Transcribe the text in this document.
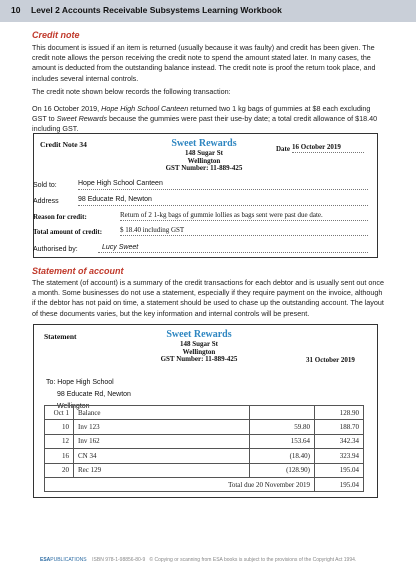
10 Level 2 Accounts Receivable Subsystems Learning Workbook
Credit note

This document is issued if an item is returned (usually because it was faulty) and credit has been given. The credit note allows the person receiving the credit note to spend the amount stated later. In many cases, the amount is deducted from the outstanding balance instead. The credit note is proof the return took place, and includes several internal controls.

The credit note shown below records the following transaction:

On 16 October 2019, Hope High School Canteen returned two 1 kg bags of gummies at $8 each excluding GST to Sweet Rewards because the gummies were past their use-by date; a total credit allowance of $18.40 including GST.

Credit Note 34	Sweet Rewards
148 Sugar St
Wellington
GST Number: 11-889-425
Date 16 October 2019
Sold to:	Hope High School Canteen
Address	98 Educate Rd, Newton
Reason for credit:	Return of 2 1-kg bags of gummie lollies as bags sent were past due date.
Total amount of credit:	$ 18.40 including GST
Authorised by:	Lucy Sweet
Statement of account

The statement (of account) is a summary of the credit transactions for each debtor and is usually sent out once a month. Some businesses do not use a statement, especially if they require payment on the invoice, although if the debtor has not paid on time, a statement should be used to chase up the outstanding account. The layout of these documents varies, but the key information and internal controls will be present.

Statement	Sweet Rewards
148 Sugar St
Wellington
GST Number: 11-889-425	31 October 2019
To: Hope High School
98 Educate Rd, Newton
Wellington
Oct 1	Balance		128.90
10	Inv 123	59.80	188.70
12	Inv 162	153.64	342.34
16	CN 34	(18.40)	323.94
20	Rec 129	(128.90)	195.04
Total due 20 November 2019			195.04
ESAPUBLICATIONS ISBN 978-1-98856-80-9 © Copying or scanning from ESA books is subject to the provisions of the Copyright Act 1994.
